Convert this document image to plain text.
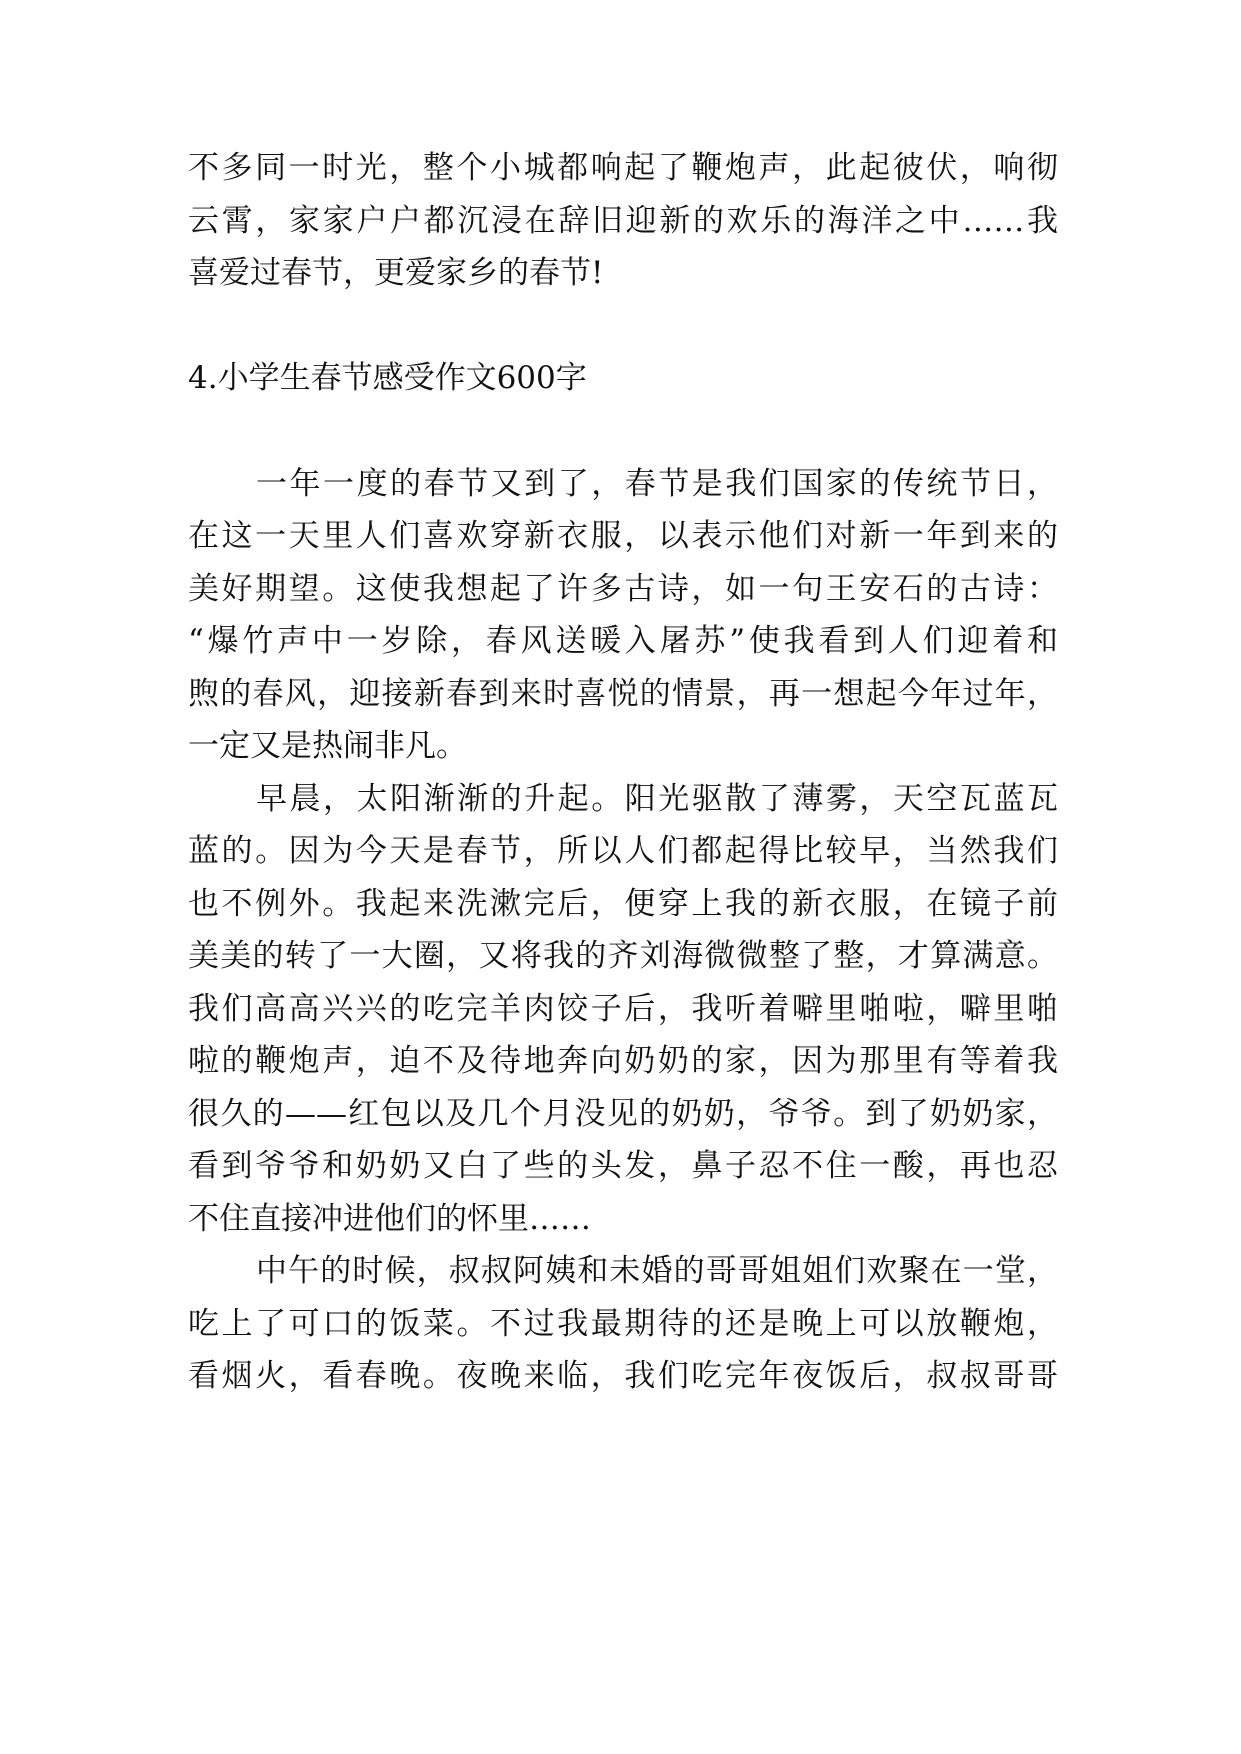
不多同一时光，整个小城都响起了鞭炮声，此起彼伏，响彻
云霄，家家户户都沉浸在辞旧迎新的欢乐的海洋之中……我
喜爱过春节，更爱家乡的春节!
4.小学生春节感受作文600字
一年一度的春节又到了，春节是我们国家的传统节日，
在这一天里人们喜欢穿新衣服，以表示他们对新一年到来的
美好期望。这使我想起了许多古诗，如一句王安石的古诗：
“爆竹声中一岁除，春风送暖入屠苏”使我看到人们迎着和
煦的春风，迎接新春到来时喜悦的情景，再一想起今年过年，
一定又是热闹非凡。
早晨，太阳渐渐的升起。阳光驱散了薄雾，天空瓦蓝瓦
蓝的。因为今天是春节，所以人们都起得比较早，当然我们
也不例外。我起来洗漱完后，便穿上我的新衣服，在镜子前
美美的转了一大圈，又将我的齐刘海微微整了整，才算满意。
我们高高兴兴的吃完羊肉饺子后，我听着噼里啪啦，噼里啪
啦的鞭炮声，迫不及待地奔向奶奶的家，因为那里有等着我
很久的——红包以及几个月没见的奶奶，爷爷。到了奶奶家，
看到爷爷和奶奶又白了些的头发，鼻子忍不住一酸，再也忍
不住直接冲进他们的怀里……
中午的时候，叔叔阿姨和未婚的哥哥姐姐们欢聚在一堂，
吃上了可口的饭菜。不过我最期待的还是晚上可以放鞭炮，
看烟火，看春晚。夜晚来临，我们吃完年夜饭后，叔叔哥哥
